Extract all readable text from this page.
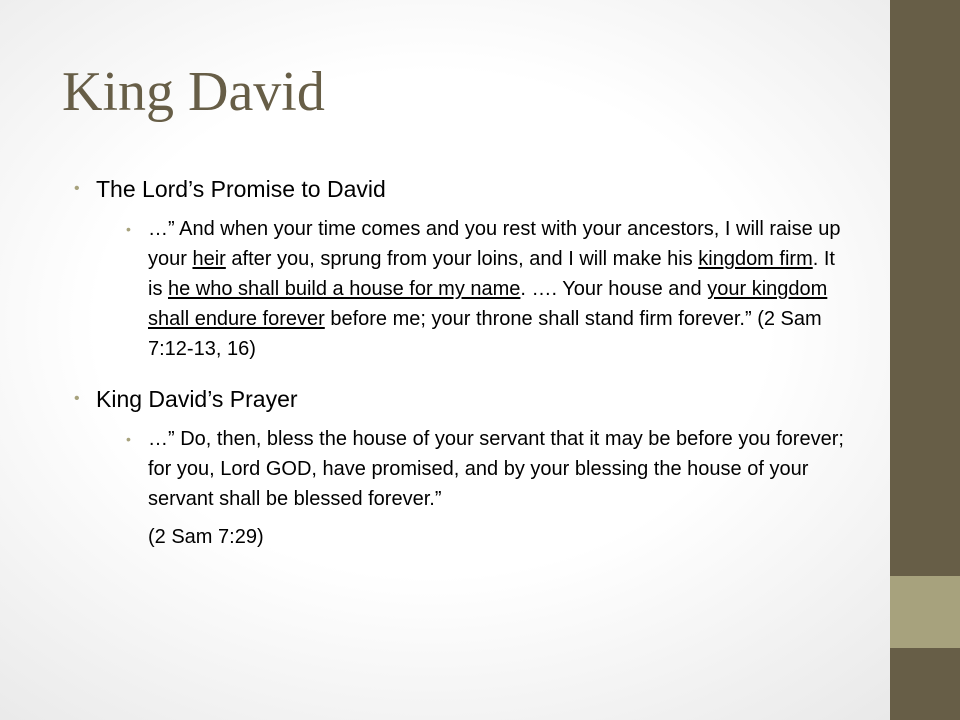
King David
• The Lord’s Promise to David
• …” And when your time comes and you rest with your ancestors, I will raise up your heir after you, sprung from your loins, and I will make his kingdom firm. It is he who shall build a house for my name. …. Your house and your kingdom shall endure forever before me; your throne shall stand firm forever.” (2 Sam 7:12-13, 16)
• King David’s Prayer
• …” Do, then, bless the house of your servant that it may be before you forever; for you, Lord GOD, have promised, and by your blessing the house of your servant shall be blessed forever.”
(2 Sam 7:29)
